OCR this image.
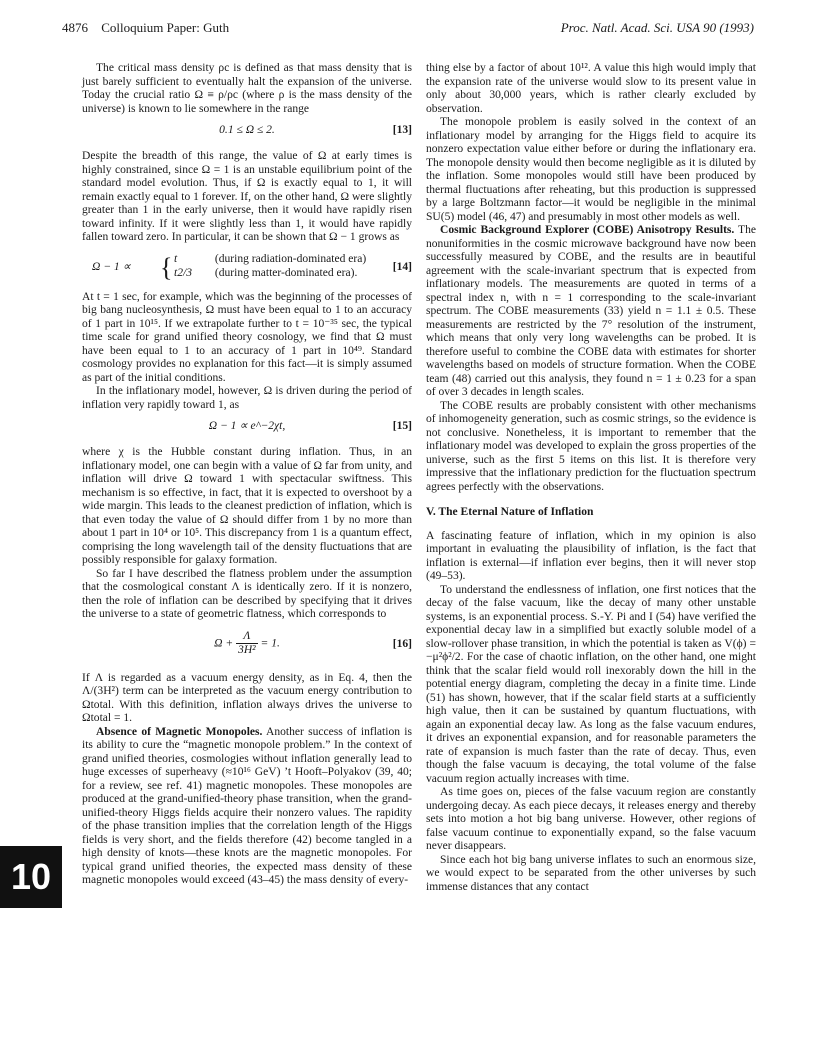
4876 Colloquium Paper: Guth	Proc. Natl. Acad. Sci. USA 90 (1993)

The critical mass density ρc is defined as that mass density that is just barely sufficient to eventually halt the expansion of the universe. Today the crucial ratio Ω ≡ ρ/ρc (where ρ is the mass density of the universe) is known to lie somewhere in the range

0.1 ≤ Ω ≤ 2.	[13]

Despite the breadth of this range, the value of Ω at early times is highly constrained, since Ω = 1 is an unstable equilibrium point of the standard model evolution. Thus, if Ω is exactly equal to 1, it will remain exactly equal to 1 forever. If, on the other hand, Ω were slightly greater than 1 in the early universe, then it would have rapidly risen toward infinity. If it were slightly less than 1, it would have rapidly fallen toward zero. In particular, it can be shown that Ω − 1 grows as

Ω − 1 ∝ { t	(during radiation-dominated era)
t2/3 (during matter-dominated era).	[14]

At t = 1 sec, for example, which was the beginning of the processes of big bang nucleosynthesis, Ω must have been equal to 1 to an accuracy of 1 part in 10¹⁵. If we extrapolate further to t = 10⁻³⁵ sec, the typical time scale for grand unified theory cosnology, we find that Ω must have been equal to 1 to an accuracy of 1 part in 10⁴⁹. Standard cosmology provides no explanation for this fact—it is simply assumed as part of the initial conditions.

In the inflationary model, however, Ω is driven during the period of inflation very rapidly toward 1, as

Ω − 1 ∝ e^−2χt,	[15]

where χ is the Hubble constant during inflation. Thus, in an inflationary model, one can begin with a value of Ω far from unity, and inflation will drive Ω toward 1 with spectacular swiftness. This mechanism is so effective, in fact, that it is expected to overshoot by a wide margin. This leads to the cleanest prediction of inflation, which is that even today the value of Ω should differ from 1 by no more than about 1 part in 10⁴ or 10⁵. This discrepancy from 1 is a quantum effect, comprising the long wavelength tail of the density fluctuations that are possibly responsible for galaxy formation.

So far I have described the flatness problem under the assumption that the cosmological constant Λ is identically zero. If it is nonzero, then the role of inflation can be described by specifying that it drives the universe to a state of geometric flatness, which corresponds to

$\Omega + \frac{\Lambda}{\text{3H²}} = 1$.	[16]

If Λ is regarded as a vacuum energy density, as in Eq. 4, then the Λ/(3H²) term can be interpreted as the vacuum energy contribution to Ωtotal. With this definition, inflation always drives the universe to Ωtotal = 1.

Absence of Magnetic Monopoles. Another success of inflation is its ability to cure the “magnetic monopole problem.” In the context of grand unified theories, cosmologies without inflation generally lead to huge excesses of superheavy (≈10¹⁶ GeV) ’t Hooft–Polyakov (39, 40; for a review, see ref. 41) magnetic monopoles. These monopoles are produced at the grand-unified-theory phase transition, when the grand-unified-theory Higgs fields acquire their nonzero values. The rapidity of the phase transition implies that the correlation length of the Higgs fields is very short, and the fields therefore (42) become tangled in a high density of knots—these knots are the magnetic monopoles. For typical grand unified theories, the expected mass density of these magnetic monopoles would exceed (43–45) the mass density of every-

thing else by a factor of about 10¹². A value this high would imply that the expansion rate of the universe would slow to its present value in only about 30,000 years, which is rather clearly excluded by observation.

The monopole problem is easily solved in the context of an inflationary model by arranging for the Higgs field to acquire its nonzero expectation value either before or during the inflationary era. The monopole density would then become negligible as it is diluted by the inflation. Some monopoles would still have been produced by thermal fluctuations after reheating, but this production is suppressed by a large Boltzmann factor—it would be negligible in the minimal SU(5) model (46, 47) and presumably in most other models as well.

Cosmic Background Explorer (COBE) Anisotropy Results. The nonuniformities in the cosmic microwave background have now been successfully measured by COBE, and the results are in beautiful agreement with the scale-invariant spectrum that is expected from inflationary models. The measurements are quoted in terms of a spectral index n, with n = 1 corresponding to the scale-invariant spectrum. The COBE measurements (33) yield n = 1.1 ± 0.5. These measurements are restricted by the 7° resolution of the instrument, which means that only very long wavelengths can be probed. It is therefore useful to combine the COBE data with estimates for shorter wavelengths based on models of structure formation. When the COBE team (48) carried out this analysis, they found n = 1 ± 0.23 for a span of over 3 decades in length scales.

The COBE results are probably consistent with other mechanisms of inhomogeneity generation, such as cosmic strings, so the evidence is not conclusive. Nonetheless, it is important to remember that the inflationary model was developed to explain the gross properties of the universe, such as the first 5 items on this list. It is therefore very impressive that the inflationary prediction for the fluctuation spectrum agrees perfectly with the observations.

V. The Eternal Nature of Inflation

A fascinating feature of inflation, which in my opinion is also important in evaluating the plausibility of inflation, is the fact that inflation is external—if inflation ever begins, then it will never stop (49–53).

To understand the endlessness of inflation, one first notices that the decay of the false vacuum, like the decay of many other unstable systems, is an exponential process. S.-Y. Pi and I (54) have verified the exponential decay law in a simplified but exactly soluble model of a slow-rollover phase transition, in which the potential is taken as V(ϕ) = −μ²ϕ²/2. For the case of chaotic inflation, on the other hand, one might think that the scalar field would roll inexorably down the hill in the potential energy diagram, completing the decay in a finite time. Linde (51) has shown, however, that if the scalar field starts at a sufficiently high value, then it can be sustained by quantum fluctuations, with again an exponential decay law. As long as the false vacuum endures, it drives an exponential expansion, and for reasonable parameters the rate of expansion is much faster than the rate of decay. Thus, even though the false vacuum is decaying, the total volume of the false vacuum region actually increases with time.

As time goes on, pieces of the false vacuum region are constantly undergoing decay. As each piece decays, it releases energy and thereby sets into motion a hot big bang universe. However, other regions of false vacuum continue to exponentially expand, so the false vacuum never disappears.

Since each hot big bang universe inflates to such an enormous size, we would expect to be separated from the other universes by such immense distances that any contact

10
